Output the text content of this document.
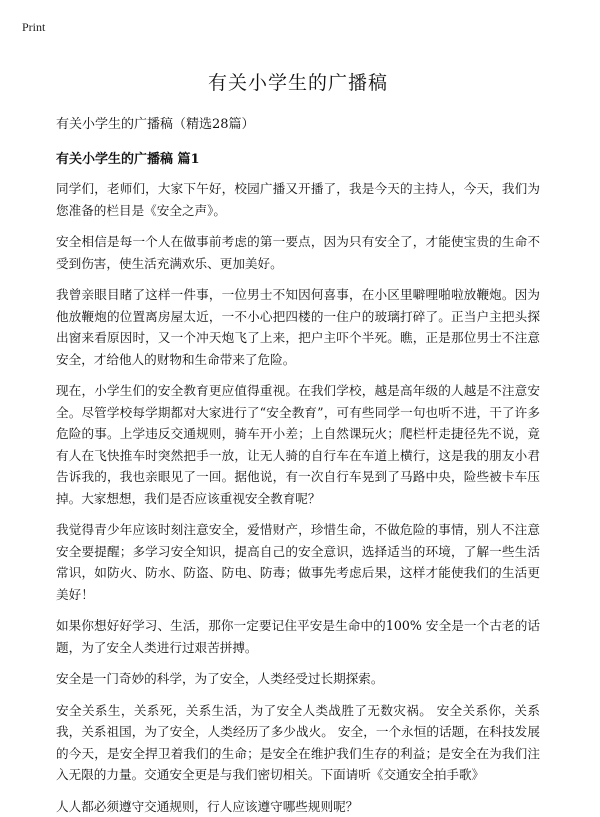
Print
有关小学生的广播稿
有关小学生的广播稿（精选28篇）
有关小学生的广播稿 篇1

同学们，老师们，大家下午好，校园广播又开播了，我是今天的主持人，今天，我们为您准备的栏目是《安全之声》。

安全相信是每一个人在做事前考虑的第一要点，因为只有安全了，才能使宝贵的生命不受到伤害，使生活充满欢乐、更加美好。

我曾亲眼目睹了这样一件事，一位男士不知因何喜事，在小区里噼哩啪啦放鞭炮。因为他放鞭炮的位置离房屋太近，一不小心把四楼的一住户的玻璃打碎了。正当户主把头探出窗来看原因时，又一个冲天炮飞了上来，把户主吓个半死。瞧，正是那位男士不注意安全，才给他人的财物和生命带来了危险。

现在，小学生们的安全教育更应值得重视。在我们学校，越是高年级的人越是不注意安全。尽管学校每学期都对大家进行了“安全教育”，可有些同学一句也听不进，干了许多危险的事。上学违反交通规则，骑车开小差；上自然课玩火；爬栏杆走捷径先不说，竟有人在飞快推车时突然把手一放，让无人骑的自行车在车道上横行，这是我的朋友小君告诉我的，我也亲眼见了一回。据他说，有一次自行车晃到了马路中央，险些被卡车压掉。大家想想，我们是否应该重视安全教育呢？

我觉得青少年应该时刻注意安全，爱惜财产，珍惜生命，不做危险的事情，别人不注意安全要提醒；多学习安全知识，提高自己的安全意识，选择适当的环境，了解一些生活常识，如防火、防水、防盗、防电、防毒；做事先考虑后果，这样才能使我们的生活更美好！

如果你想好好学习、生活，那你一定要记住平安是生命中的100% 安全是一个古老的话题，为了安全人类进行过艰苦拼搏。

安全是一门奇妙的科学，为了安全，人类经受过长期探索。

安全关系生，关系死，关系生活，为了安全人类战胜了无数灾祸。 安全关系你，关系我，关系祖国，为了安全，人类经历了多少战火。 安全，一个永恒的话题，在科技发展的今天，是安全捍卫着我们的生命；是安全在维护我们生存的利益；是安全在为我们注入无限的力量。交通安全更是与我们密切相关。下面请听《交通安全拍手歌》

人人都必须遵守交通规则，行人应该遵守哪些规则呢？
